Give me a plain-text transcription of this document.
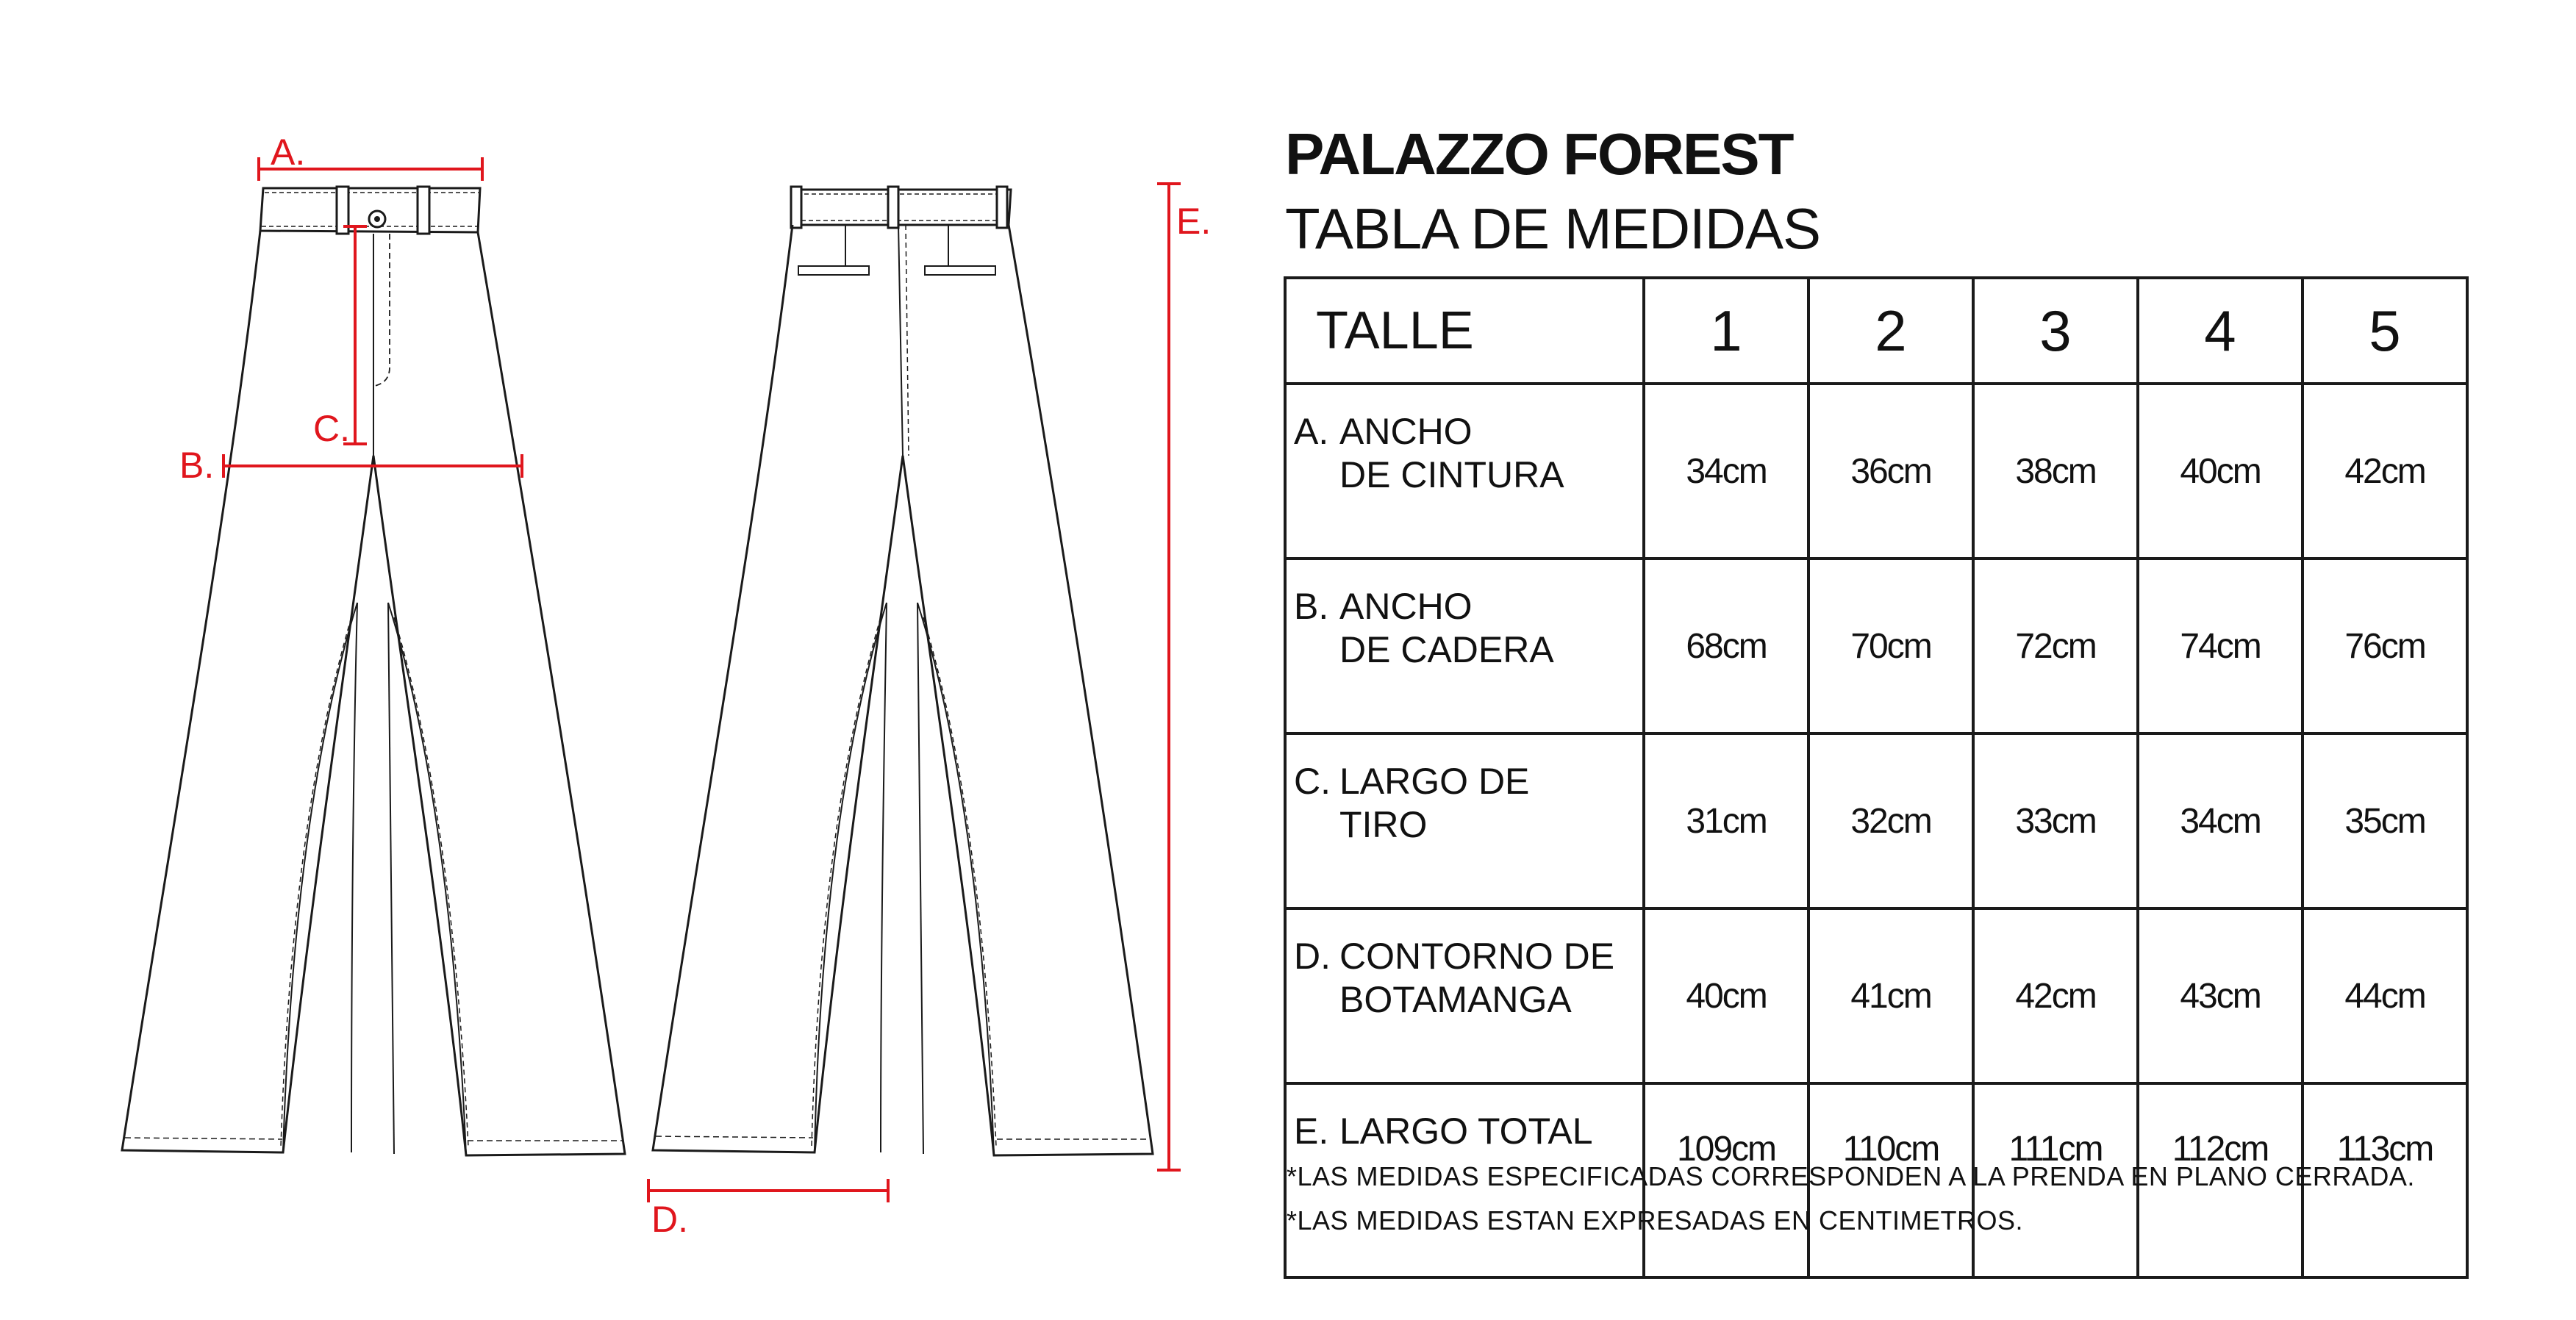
A.
B.
C.
D.
E.
PALAZZO FOREST
TABLA DE MEDIDAS
TALLE	1	2	3	4	5

A. ANCHO
DE CINTURA	34cm	36cm	38cm	40cm	42cm

B. ANCHO
DE CADERA	68cm	70cm	72cm	74cm	76cm

C. LARGO DE
TIRO	31cm	32cm	33cm	34cm	35cm

D. CONTORNO DE
BOTAMANGA	40cm	41cm	42cm	43cm	44cm

E. LARGO TOTAL	109cm	110cm	111cm	112cm	113cm
*LAS MEDIDAS ESPECIFICADAS CORRESPONDEN A LA PRENDA EN PLANO CERRADA.
*LAS MEDIDAS ESTAN EXPRESADAS EN CENTIMETROS.
